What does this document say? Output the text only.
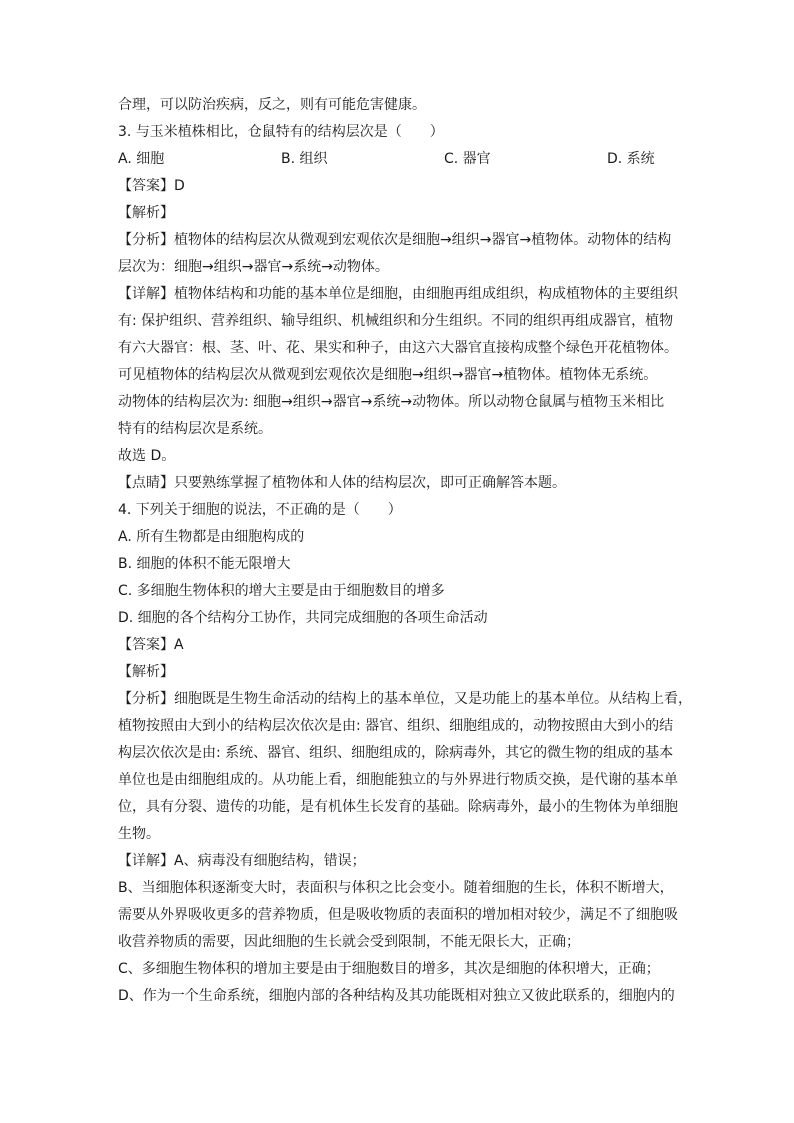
合理，可以防治疾病，反之，则有可能危害健康。
3. 与玉米植株相比，仓鼠特有的结构层次是（　　）
A. 细胞	B. 组织	C. 器官	D. 系统
【答案】D
【解析】
【分析】植物体的结构层次从微观到宏观依次是细胞→组织→器官→植物体。动物体的结构
层次为：细胞→组织→器官→系统→动物体。
【详解】植物体结构和功能的基本单位是细胞，由细胞再组成组织，构成植物体的主要组织
有: 保护组织、营养组织、输导组织、机械组织和分生组织。不同的组织再组成器官，植物
有六大器官：根、茎、叶、花、果实和种子，由这六大器官直接构成整个绿色开花植物体。
可见植物体的结构层次从微观到宏观依次是细胞→组织→器官→植物体。植物体无系统。
动物体的结构层次为: 细胞→组织→器官→系统→动物体。所以动物仓鼠属与植物玉米相比
特有的结构层次是系统。
故选 D。
【点睛】只要熟练掌握了植物体和人体的结构层次，即可正确解答本题。
4. 下列关于细胞的说法，不正确的是（　　）
A. 所有生物都是由细胞构成的
B. 细胞的体积不能无限增大
C. 多细胞生物体积的增大主要是由于细胞数目的增多
D. 细胞的各个结构分工协作，共同完成细胞的各项生命活动
【答案】A
【解析】
【分析】细胞既是生物生命活动的结构上的基本单位，又是功能上的基本单位。从结构上看，
植物按照由大到小的结构层次依次是由: 器官、组织、细胞组成的，动物按照由大到小的结
构层次依次是由: 系统、器官、组织、细胞组成的，除病毒外，其它的微生物的组成的基本
单位也是由细胞组成的。从功能上看，细胞能独立的与外界进行物质交换，是代谢的基本单
位，具有分裂、遗传的功能，是有机体生长发育的基础。除病毒外，最小的生物体为单细胞
生物。
【详解】A、病毒没有细胞结构，错误；
B、当细胞体积逐渐变大时，表面积与体积之比会变小。随着细胞的生长，体积不断增大，
需要从外界吸收更多的营养物质，但是吸收物质的表面积的增加相对较少，满足不了细胞吸
收营养物质的需要，因此细胞的生长就会受到限制，不能无限长大，正确；
C、多细胞生物体积的增加主要是由于细胞数目的增多，其次是细胞的体积增大，正确；
D、作为一个生命系统，细胞内部的各种结构及其功能既相对独立又彼此联系的，细胞内的
